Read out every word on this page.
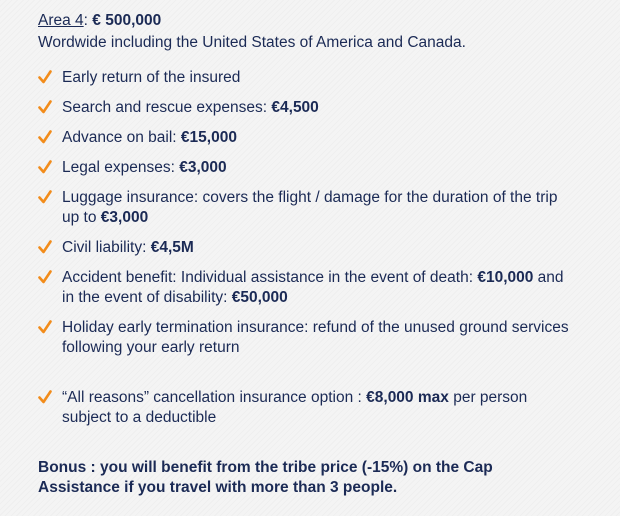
Area 4: € 500,000
Wordwide including the United States of America and Canada.
Early return of the insured
Search and rescue expenses: €4,500
Advance on bail: €15,000
Legal expenses: €3,000
Luggage insurance: covers the flight / damage for the duration of the trip up to €3,000
Civil liability: €4,5M
Accident benefit: Individual assistance in the event of death: €10,000 and in the event of disability: €50,000
Holiday early termination insurance: refund of the unused ground services following your early return
“All reasons” cancellation insurance option : €8,000 max per person subject to a deductible
Bonus : you will benefit from the tribe price (-15%) on the Cap Assistance if you travel with more than 3 people.
